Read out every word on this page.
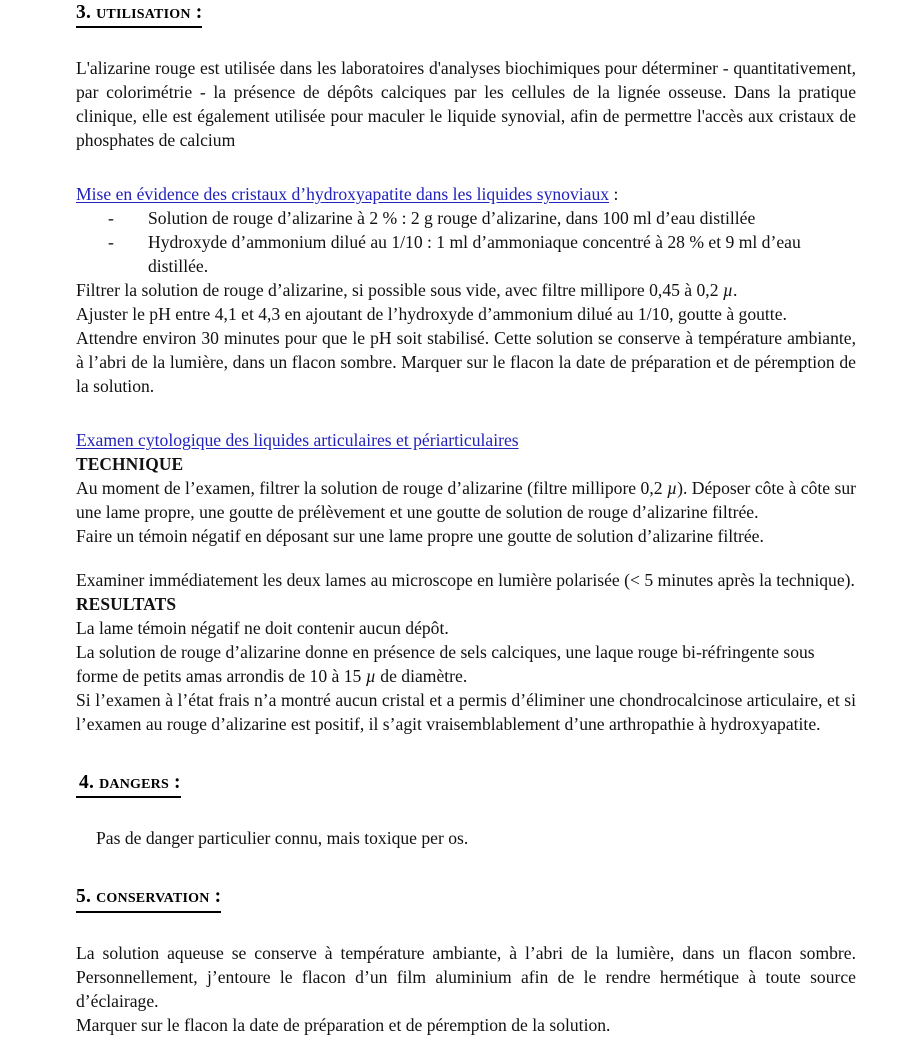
3. utilisation :

L'alizarine rouge est utilisée dans les laboratoires d'analyses biochimiques pour déterminer - quantitativement, par colorimétrie - la présence de dépôts calciques par les cellules de la lignée osseuse. Dans la pratique clinique, elle est également utilisée pour maculer le liquide synovial, afin de permettre l'accès aux cristaux de phosphates de calcium

Mise en évidence des cristaux d’hydroxyapatite dans les liquides synoviaux :
- Solution de rouge d’alizarine à 2 % : 2 g rouge d’alizarine, dans 100 ml d’eau distillée
- Hydroxyde d’ammonium dilué au 1/10 : 1 ml d’ammoniaque concentré à 28 % et 9 ml d’eau distillée.

Filtrer la solution de rouge d’alizarine, si possible sous vide, avec filtre millipore 0,45 à 0,2 µ.

Ajuster le pH entre 4,1 et 4,3 en ajoutant de l’hydroxyde d’ammonium dilué au 1/10, goutte à goutte.

Attendre environ 30 minutes pour que le pH soit stabilisé. Cette solution se conserve à température ambiante, à l’abri de la lumière, dans un flacon sombre. Marquer sur le flacon la date de préparation et de péremption de la solution.

Examen cytologique des liquides articulaires et périarticulaires
TECHNIQUE

Au moment de l’examen, filtrer la solution de rouge d’alizarine (filtre millipore 0,2 µ). Déposer côte à côte sur une lame propre, une goutte de prélèvement et une goutte de solution de rouge d’alizarine filtrée.

Faire un témoin négatif en déposant sur une lame propre une goutte de solution d’alizarine filtrée.

Examiner immédiatement les deux lames au microscope en lumière polarisée (< 5 minutes après la technique).

RESULTATS

La lame témoin négatif ne doit contenir aucun dépôt.

La solution de rouge d’alizarine donne en présence de sels calciques, une laque rouge bi-réfringente sous forme de petits amas arrondis de 10 à 15 µ de diamètre.

Si l’examen à l’état frais n’a montré aucun cristal et a permis d’éliminer une chondrocalcinose articulaire, et si l’examen au rouge d’alizarine est positif, il s’agit vraisemblablement d’une arthropathie à hydroxyapatite.

4. dangers :

Pas de danger particulier connu, mais toxique per os.

5. conservation :

La solution aqueuse se conserve à température ambiante, à l’abri de la lumière, dans un flacon sombre. Personnellement, j’entoure le flacon d’un film aluminium afin de le rendre hermétique à toute source d’éclairage.

Marquer sur le flacon la date de préparation et de péremption de la solution.
